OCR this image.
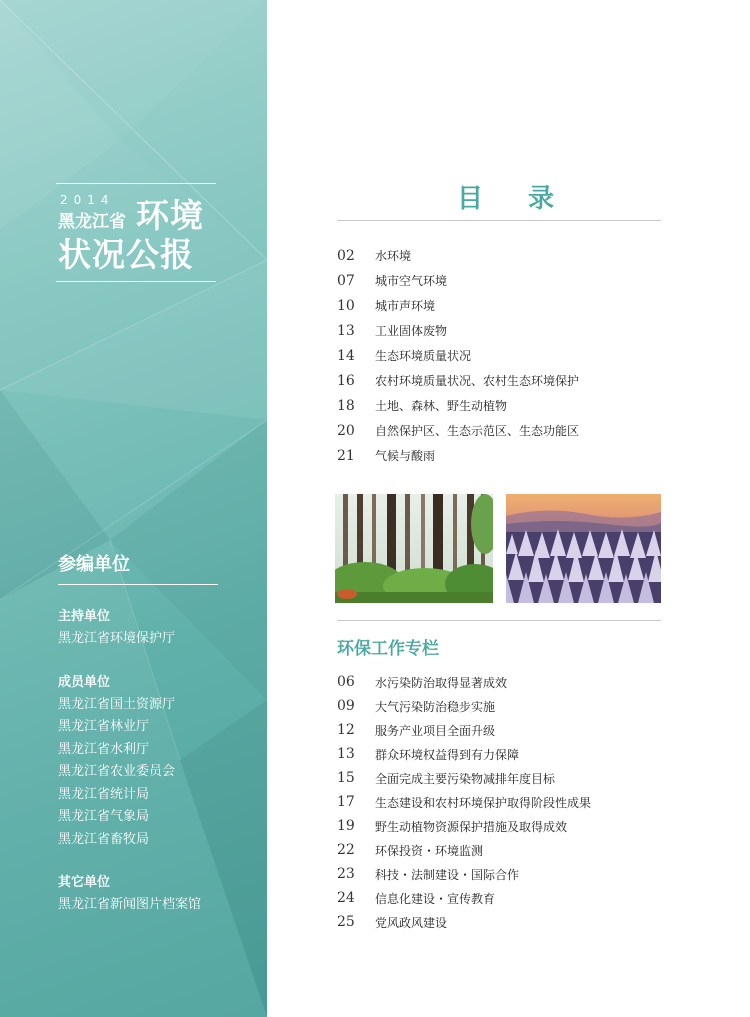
2014
黑龙江省 环境
状况公报
参编单位
主持单位
黑龙江省环境保护厅
成员单位
黑龙江省国土资源厅
黑龙江省林业厅
黑龙江省水利厅
黑龙江省农业委员会
黑龙江省统计局
黑龙江省气象局
黑龙江省畜牧局
其它单位
黑龙江省新闻图片档案馆
目 录
02	水环境
07	城市空气环境
10	城市声环境
13	工业固体废物
14	生态环境质量状况
16	农村环境质量状况、农村生态环境保护
18	土地、森林、野生动植物
20	自然保护区、生态示范区、生态功能区
21	气候与酸雨
环保工作专栏
06	水污染防治取得显著成效
09	大气污染防治稳步实施
12	服务产业项目全面升级
13	群众环境权益得到有力保障
15	全面完成主要污染物减排年度目标
17	生态建设和农村环境保护取得阶段性成果
19	野生动植物资源保护措施及取得成效
22	环保投资・环境监测
23	科技・法制建设・国际合作
24	信息化建设・宣传教育
25	党风政风建设
